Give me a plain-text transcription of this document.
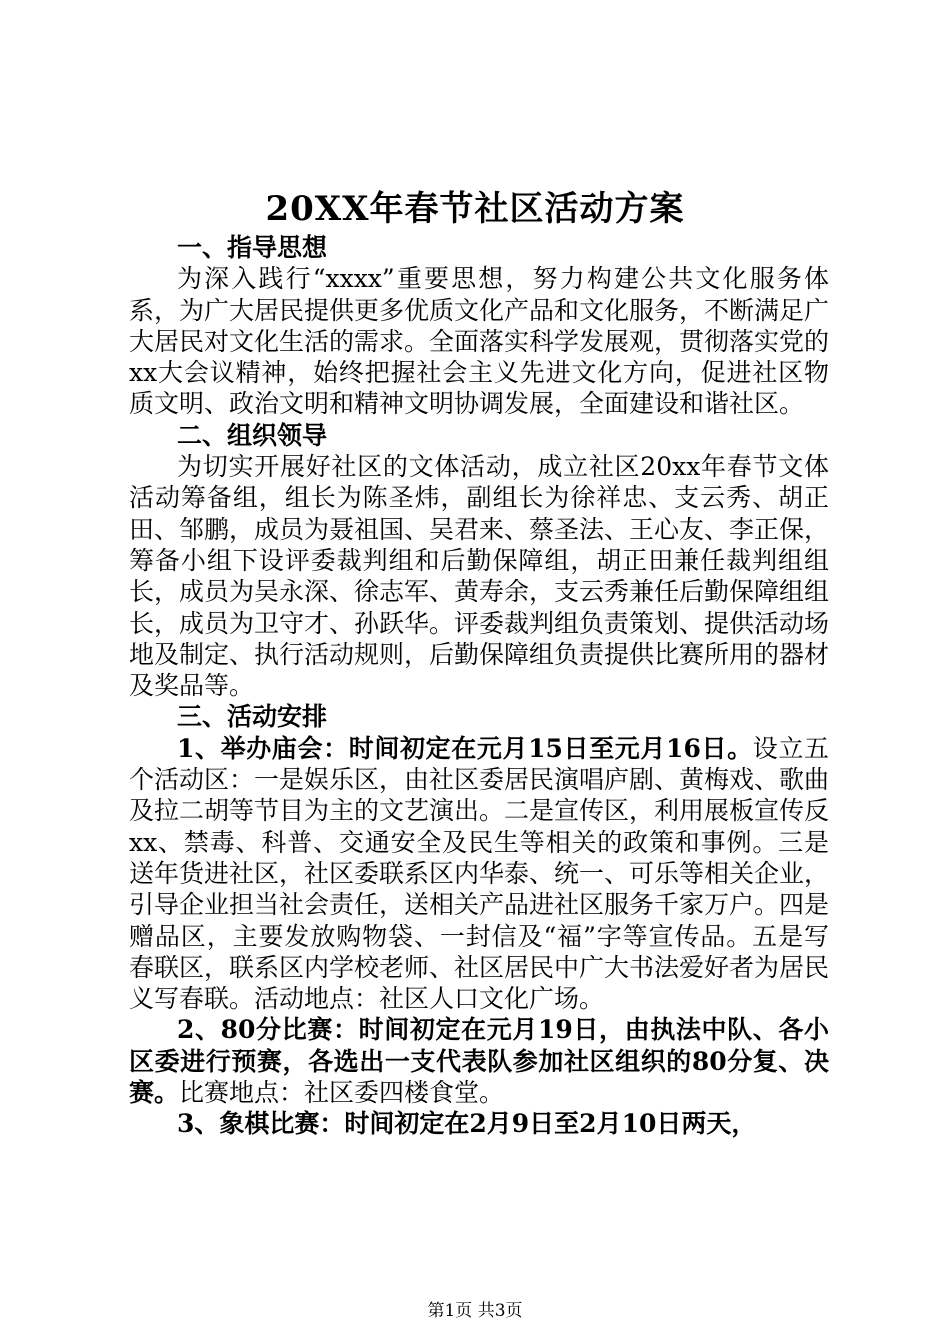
20XX年春节社区活动方案

一、指导思想

为深入践行“xxxx”重要思想，努力构建公共文化服务体系，为广大居民提供更多优质文化产品和文化服务，不断满足广大居民对文化生活的需求。全面落实科学发展观，贯彻落实党的xx大会议精神，始终把握社会主义先进文化方向，促进社区物质文明、政治文明和精神文明协调发展，全面建设和谐社区。

二、组织领导

为切实开展好社区的文体活动，成立社区20xx年春节文体活动筹备组，组长为陈圣炜，副组长为徐祥忠、支云秀、胡正田、邹鹏，成员为聂祖国、吴君来、蔡圣法、王心友、李正保，筹备小组下设评委裁判组和后勤保障组，胡正田兼任裁判组组长，成员为吴永深、徐志军、黄寿余，支云秀兼任后勤保障组组长，成员为卫守才、孙跃华。评委裁判组负责策划、提供活动场地及制定、执行活动规则，后勤保障组负责提供比赛所用的器材及奖品等。

三、活动安排

1、举办庙会：时间初定在元月15日至元月16日。设立五个活动区：一是娱乐区，由社区委居民演唱庐剧、黄梅戏、歌曲及拉二胡等节目为主的文艺演出。二是宣传区，利用展板宣传反xx、禁毒、科普、交通安全及民生等相关的政策和事例。三是送年货进社区，社区委联系区内华泰、统一、可乐等相关企业，引导企业担当社会责任，送相关产品进社区服务千家万户。四是赠品区，主要发放购物袋、一封信及“福”字等宣传品。五是写春联区，联系区内学校老师、社区居民中广大书法爱好者为居民义写春联。活动地点：社区人口文化广场。

2、80分比赛：时间初定在元月19日，由执法中队、各小区委进行预赛，各选出一支代表队参加社区组织的80分复、决赛。比赛地点：社区委四楼食堂。

3、象棋比赛：时间初定在2月9日至2月10日两天，

第1页 共3页
